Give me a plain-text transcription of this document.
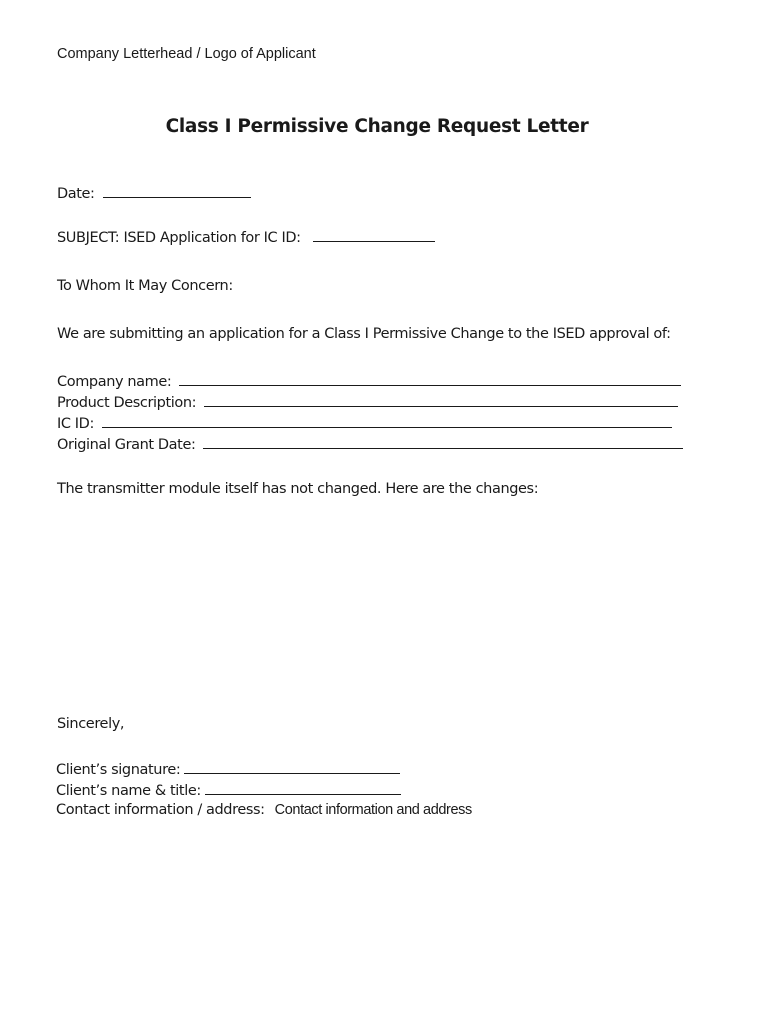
Company Letterhead / Logo of Applicant
Class I Permissive Change Request Letter
Date:
SUBJECT: ISED Application for IC ID:
To Whom It May Concern:
We are submitting an application for a Class I Permissive Change to the ISED approval of:
Company name:
Product Description:
IC ID:
Original Grant Date:
The transmitter module itself has not changed. Here are the changes:
Sincerely,
Client’s signature:
Client’s name & title:
Contact information / address: Contact information and address
